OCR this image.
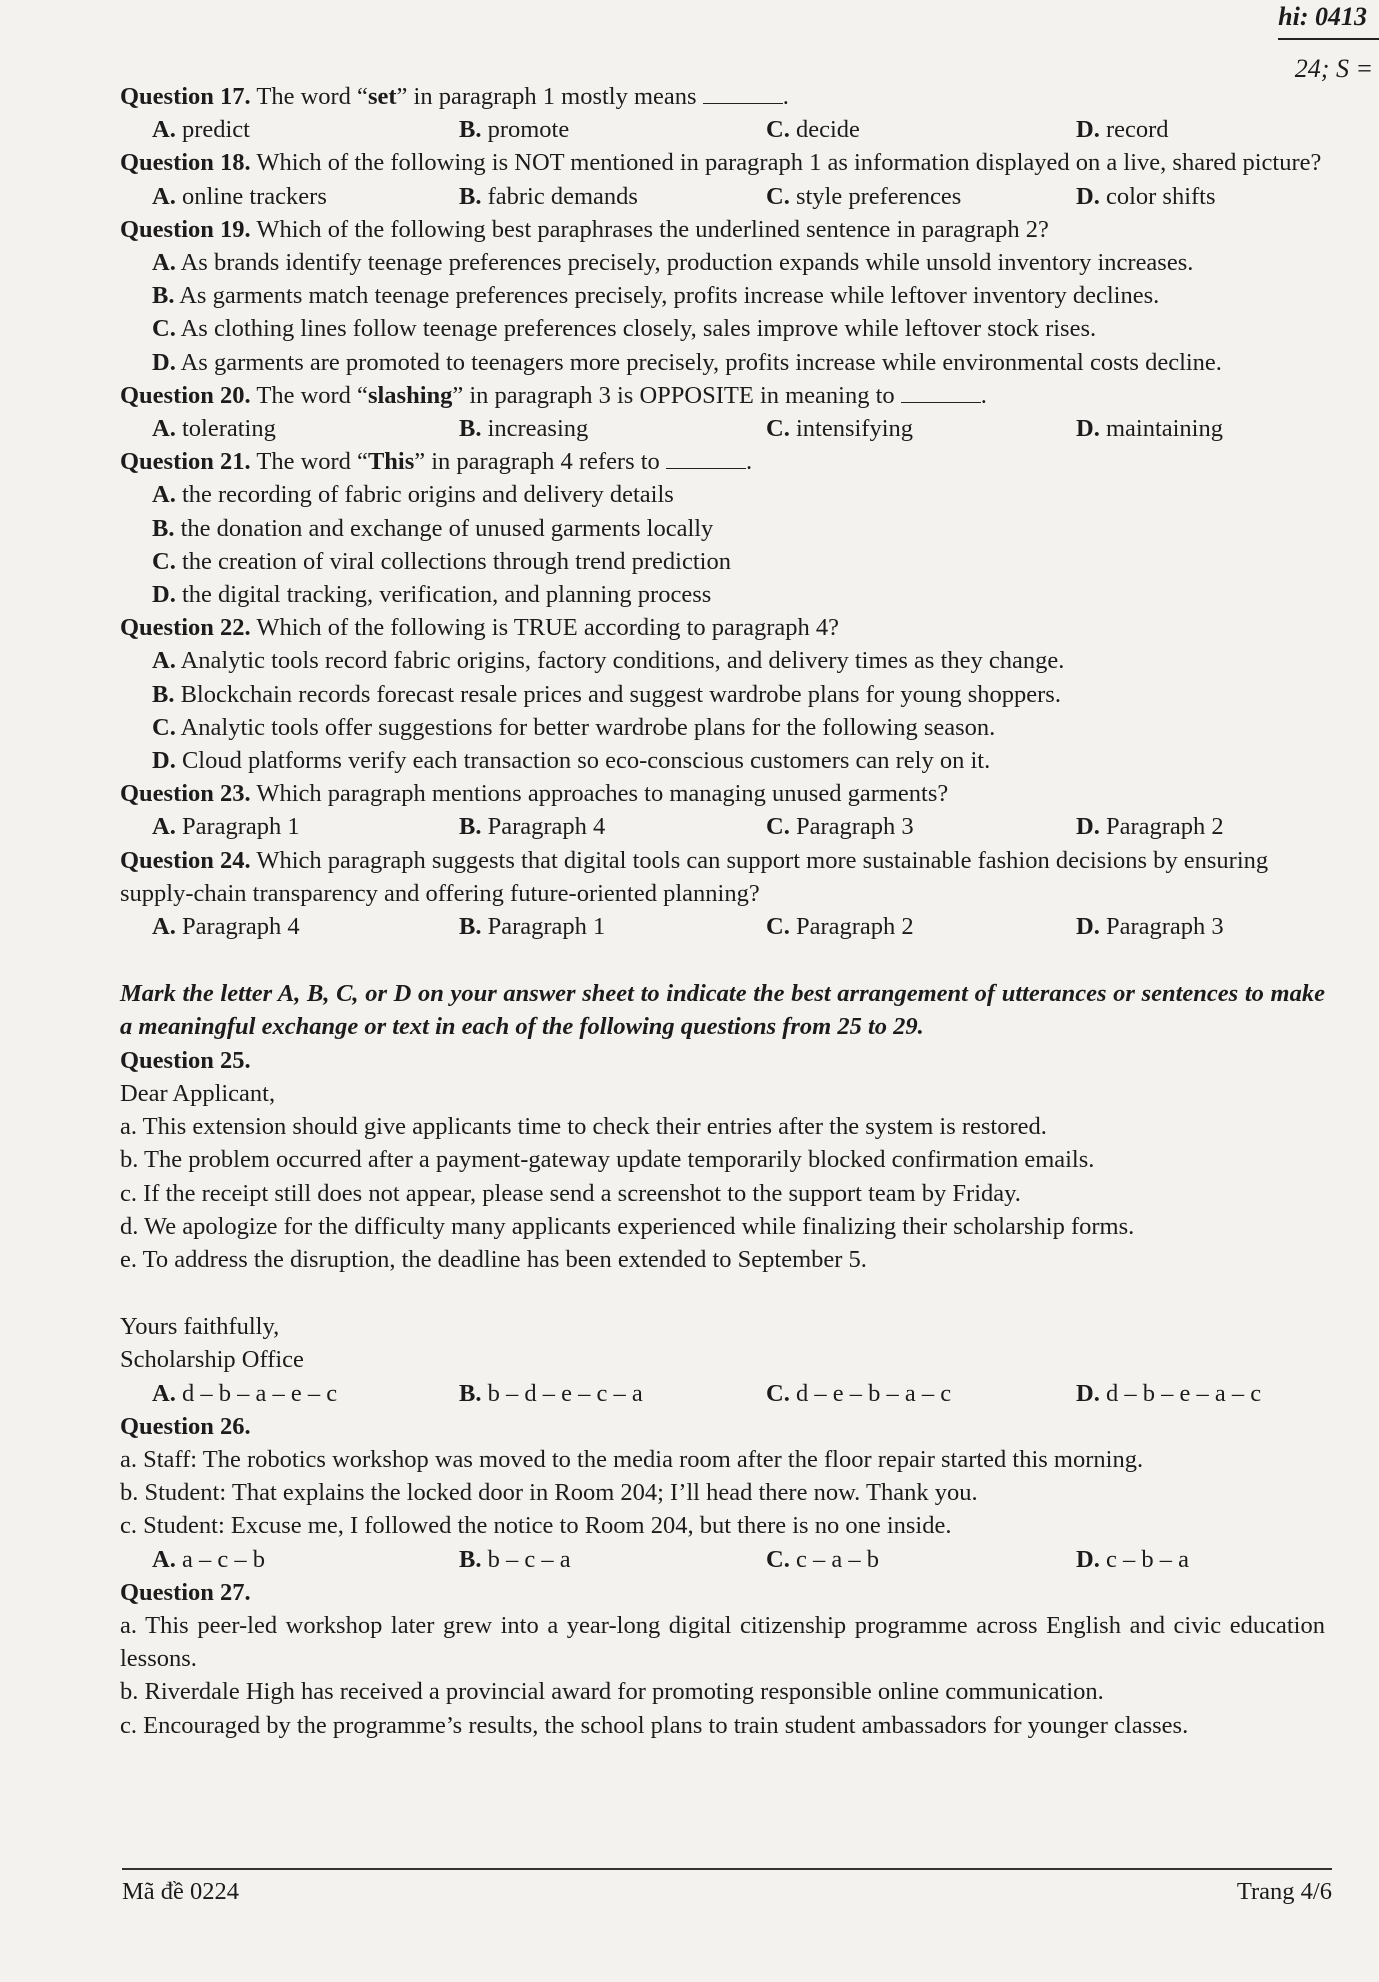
hi: 0413
24; S =

Question 17. The word “set” in paragraph 1 mostly means	.

A. predict	B. promote	C. decide	D. record

Question 18. Which of the following is NOT mentioned in paragraph 1 as information displayed on a live, shared picture?

A. online trackers	B. fabric demands	C. style preferences	D. color shifts

Question 19. Which of the following best paraphrases the underlined sentence in paragraph 2?

A. As brands identify teenage preferences precisely, production expands while unsold inventory increases.

B. As garments match teenage preferences precisely, profits increase while leftover inventory declines.

C. As clothing lines follow teenage preferences closely, sales improve while leftover stock rises.

D. As garments are promoted to teenagers more precisely, profits increase while environmental costs decline.

Question 20. The word “slashing” in paragraph 3 is OPPOSITE in meaning to	.

A. tolerating	B. increasing	C. intensifying	D. maintaining

Question 21. The word “This” in paragraph 4 refers to	.

A. the recording of fabric origins and delivery details

B. the donation and exchange of unused garments locally

C. the creation of viral collections through trend prediction

D. the digital tracking, verification, and planning process

Question 22. Which of the following is TRUE according to paragraph 4?

A. Analytic tools record fabric origins, factory conditions, and delivery times as they change.

B. Blockchain records forecast resale prices and suggest wardrobe plans for young shoppers.

C. Analytic tools offer suggestions for better wardrobe plans for the following season.

D. Cloud platforms verify each transaction so eco-conscious customers can rely on it.

Question 23. Which paragraph mentions approaches to managing unused garments?

A. Paragraph 1	B. Paragraph 4	C. Paragraph 3	D. Paragraph 2

Question 24. Which paragraph suggests that digital tools can support more sustainable fashion decisions by ensuring supply-chain transparency and offering future-oriented planning?

A. Paragraph 4	B. Paragraph 1	C. Paragraph 2	D. Paragraph 3

Mark the letter A, B, C, or D on your answer sheet to indicate the best arrangement of utterances or sentences to make a meaningful exchange or text in each of the following questions from 25 to 29.

Question 25.

Dear Applicant,

a. This extension should give applicants time to check their entries after the system is restored.

b. The problem occurred after a payment-gateway update temporarily blocked confirmation emails.

c. If the receipt still does not appear, please send a screenshot to the support team by Friday.

d. We apologize for the difficulty many applicants experienced while finalizing their scholarship forms.

e. To address the disruption, the deadline has been extended to September 5.

Yours faithfully,

Scholarship Office

A. d – b – a – e – c	B. b – d – e – c – a	C. d – e – b – a – c	D. d – b – e – a – c

Question 26.

a. Staff: The robotics workshop was moved to the media room after the floor repair started this morning.

b. Student: That explains the locked door in Room 204; I’ll head there now. Thank you.

c. Student: Excuse me, I followed the notice to Room 204, but there is no one inside.

A. a – c – b	B. b – c – a	C. c – a – b	D. c – b – a

Question 27.

a. This peer-led workshop later grew into a year-long digital citizenship programme across English and civic education lessons.

b. Riverdale High has received a provincial award for promoting responsible online communication.

c. Encouraged by the programme’s results, the school plans to train student ambassadors for younger classes.

Mã đề 0224	Trang 4/6
